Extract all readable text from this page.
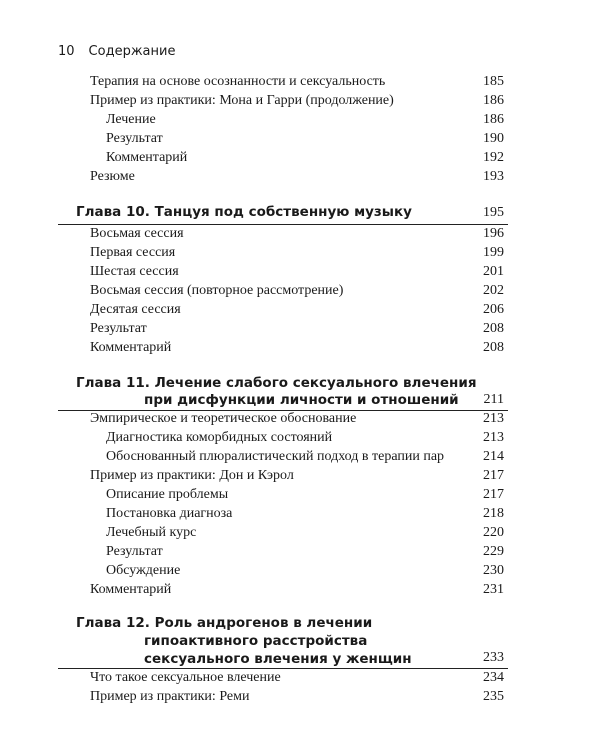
10 Содержание
Терапия на основе осознанности и сексуальность	185
Пример из практики: Мона и Гарри (продолжение)	186
Лечение	186
Результат	190
Комментарий	192
Резюме	193
Глава 10. Танцуя под собственную музыку	195
Восьмая сессия	196
Первая сессия	199
Шестая сессия	201
Восьмая сессия (повторное рассмотрение)	202
Десятая сессия	206
Результат	208
Комментарий	208
Глава 11. Лечение слабого сексуального влечения
при дисфункции личности и отношений 211
Эмпирическое и теоретическое обоснование	213
Диагностика коморбидных состояний	213
Обоснованный плюралистический подход в терапии пар	214
Пример из практики: Дон и Кэрол	217
Описание проблемы	217
Постановка диагноза	218
Лечебный курс	220
Результат	229
Обсуждение	230
Комментарий	231
Глава 12. Роль андрогенов в лечении
гипоактивного расстройства
сексуального влечения у женщин	233
Что такое сексуальное влечение	234
Пример из практики: Реми	235
